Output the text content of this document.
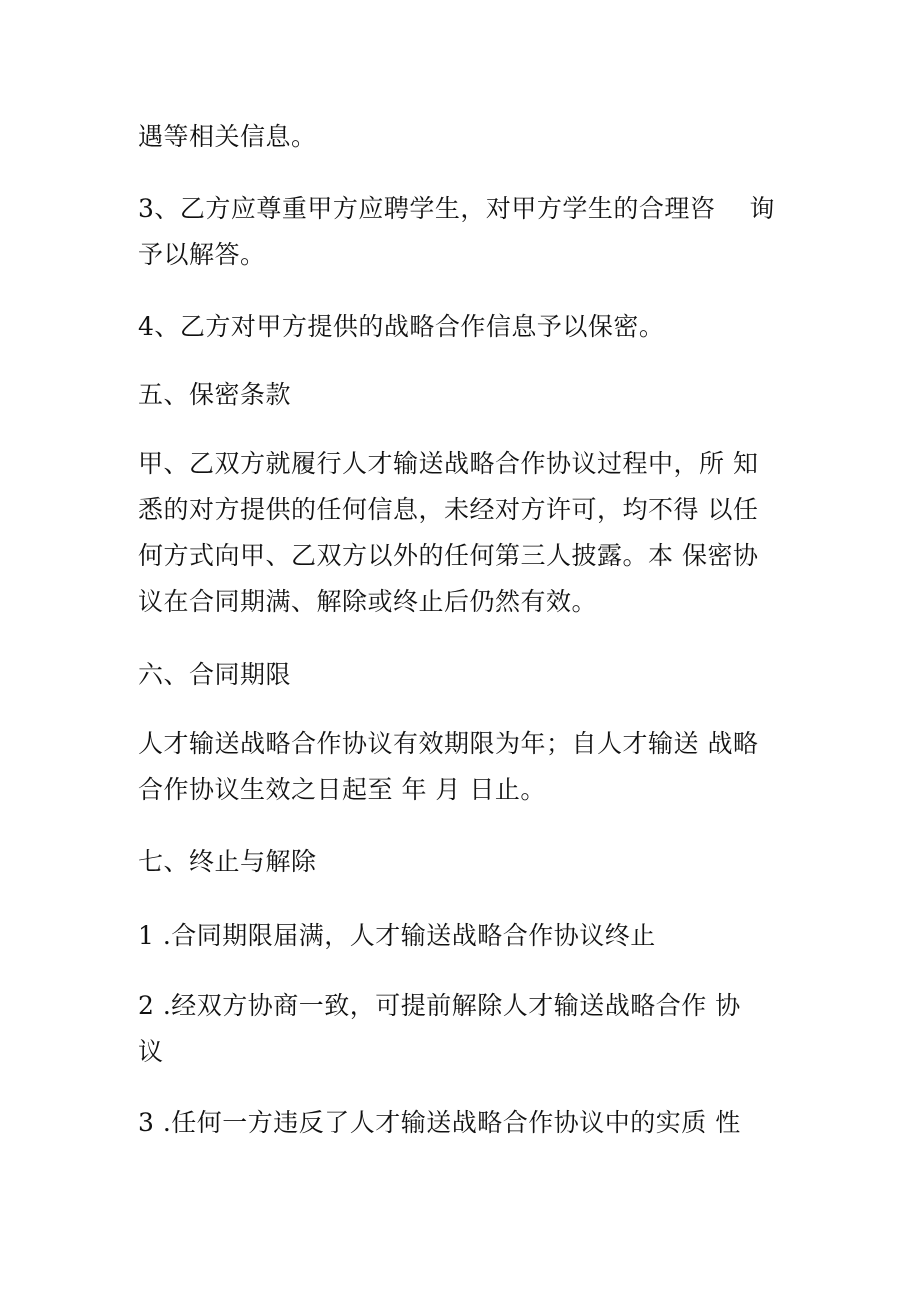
遇等相关信息。

3、乙方应尊重甲方应聘学生，对甲方学生的合理咨　 询
予以解答。

4、乙方对甲方提供的战略合作信息予以保密。

五、保密条款

甲、乙双方就履行人才输送战略合作协议过程中，所 知
悉的对方提供的任何信息，未经对方许可，均不得 以任
何方式向甲、乙双方以外的任何第三人披露。本 保密协
议在合同期满、解除或终止后仍然有效。

六、合同期限

人才输送战略合作协议有效期限为年；自人才输送 战略
合作协议生效之日起至 年 月 日止。

七、终止与解除

1 .合同期限届满，人才输送战略合作协议终止

2 .经双方协商一致，可提前解除人才输送战略合作 协
议

3 .任何一方违反了人才输送战略合作协议中的实质 性
